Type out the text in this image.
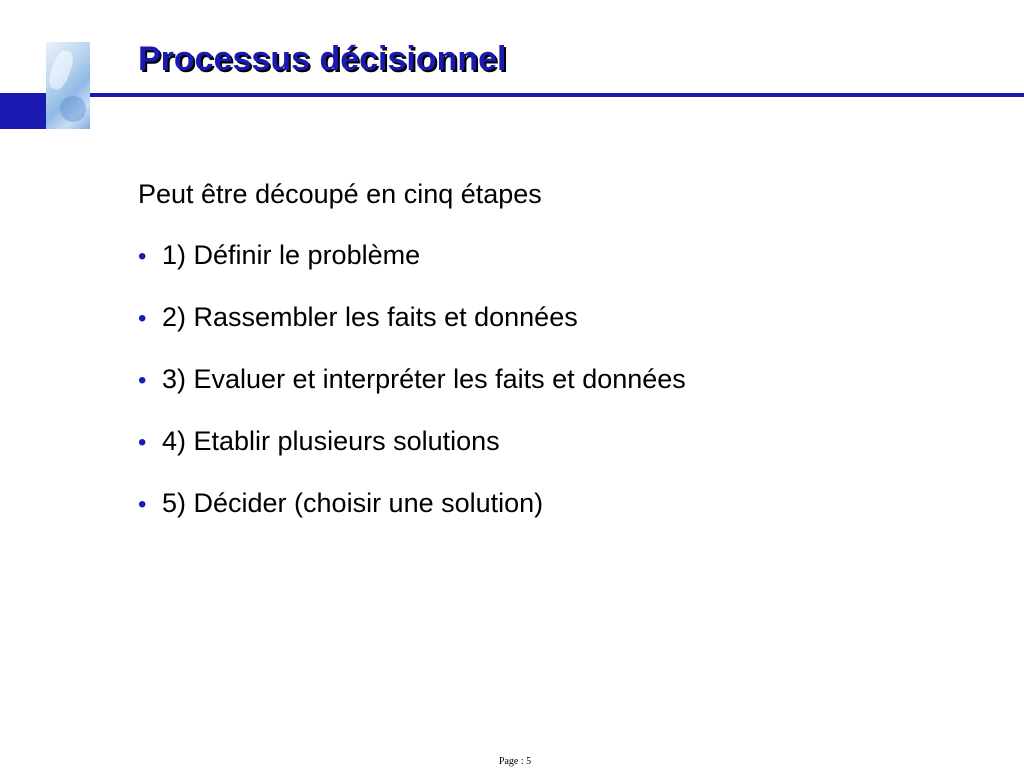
Processus décisionnel

Peut être découpé en cinq étapes

• 1) Définir le problème
• 2) Rassembler les faits et données
• 3) Evaluer et interpréter les faits et données
• 4) Etablir plusieurs solutions
• 5) Décider (choisir une solution)
Page : 5
